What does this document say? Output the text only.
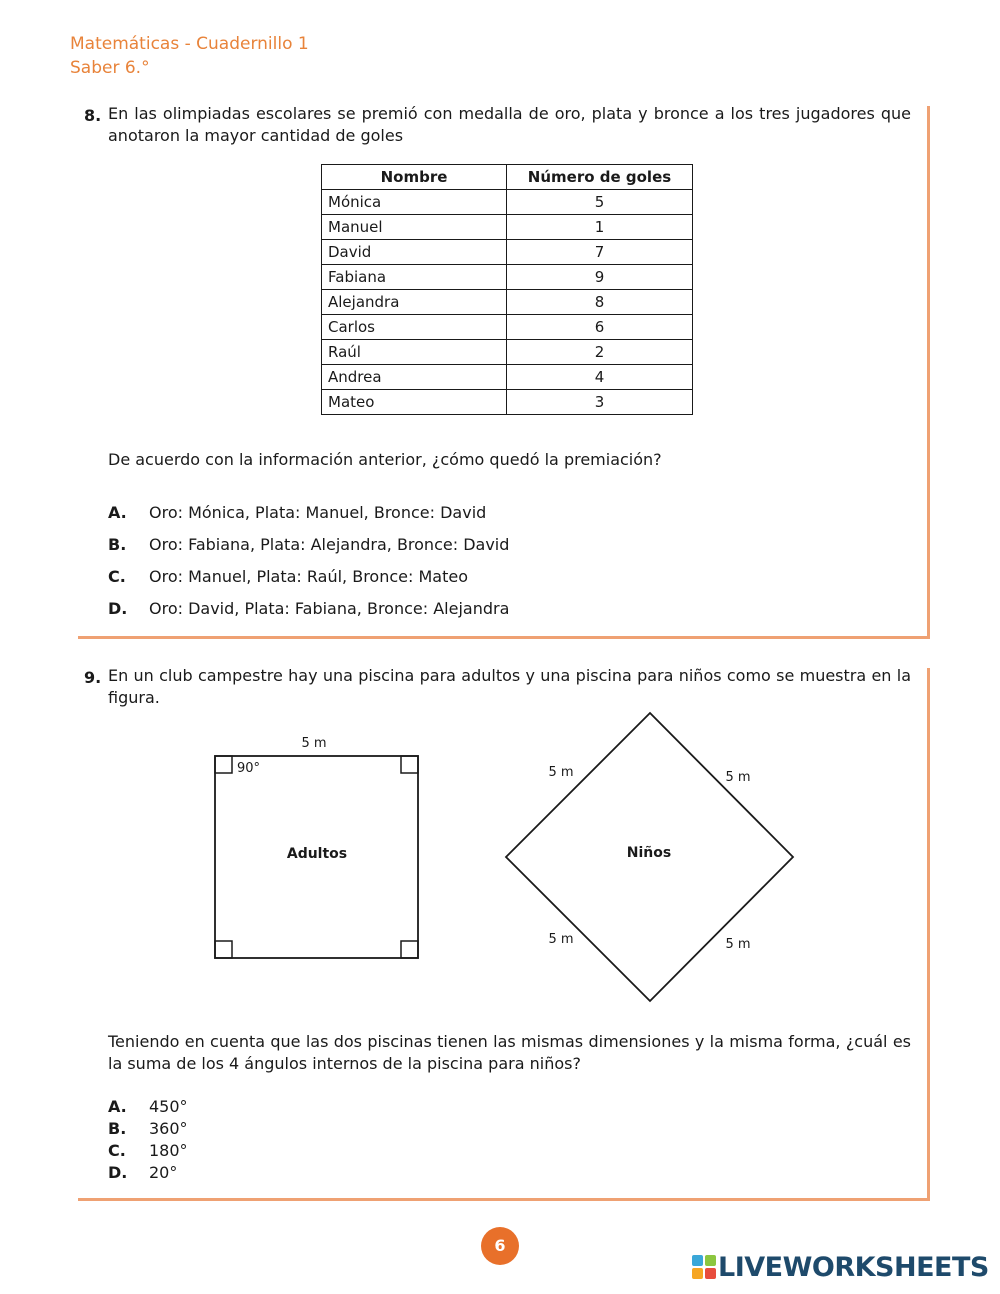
Matemáticas - Cuadernillo 1
Saber 6.°
8. En las olimpiadas escolares se premió con medalla de oro, plata y bronce a los tres jugadores que anotaron la mayor cantidad de goles
Nombre	Número de goles
Mónica	5
Manuel	1
David	7
Fabiana	9
Alejandra	8
Carlos	6
Raúl	2
Andrea	4
Mateo	3
De acuerdo con la información anterior, ¿cómo quedó la premiación?
A. Oro: Mónica, Plata: Manuel, Bronce: David
B. Oro: Fabiana, Plata: Alejandra, Bronce: David
C. Oro: Manuel, Plata: Raúl, Bronce: Mateo
D. Oro: David, Plata: Fabiana, Bronce: Alejandra
9. En un club campestre hay una piscina para adultos y una piscina para niños como se muestra en la figura.
5 m
90°
Adultos	Niños
5 m	5 m
5 m	5 m
Teniendo en cuenta que las dos piscinas tienen las mismas dimensiones y la misma forma, ¿cuál es la suma de los 4 ángulos internos de la piscina para niños?
A. 450°
B. 360°
C. 180°
D. 20°
6
LIVEWORKSHEETS
